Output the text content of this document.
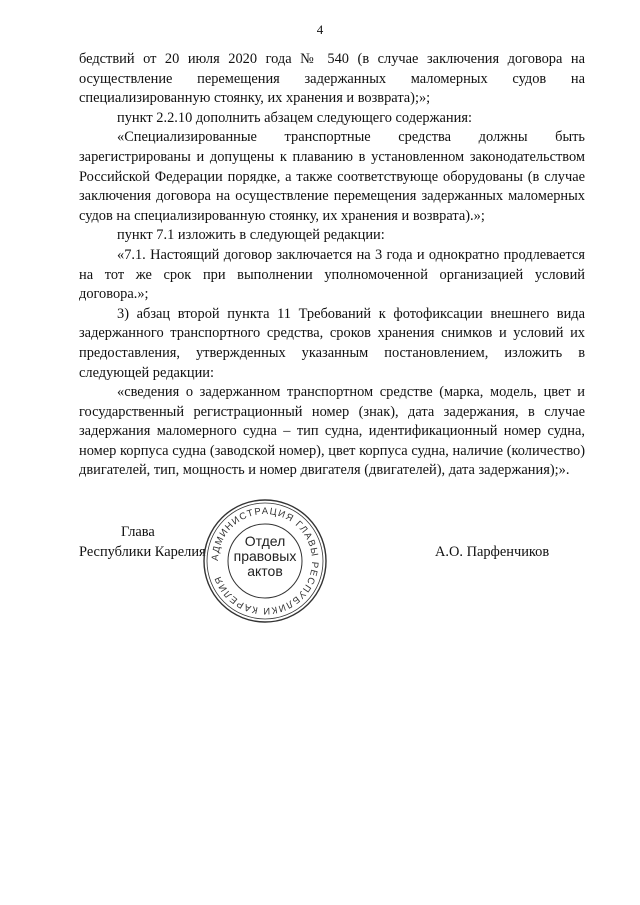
4

бедствий от 20 июля 2020 года № 540 (в случае заключения договора на осуществление перемещения задержанных маломерных судов на специализированную стоянку, их хранения и возврата);»;

пункт 2.2.10 дополнить абзацем следующего содержания:

«Специализированные транспортные средства должны быть зарегистрированы и допущены к плаванию в установленном законодательством Российской Федерации порядке, а также соответствующе оборудованы (в случае заключения договора на осуществление перемещения задержанных маломерных судов на специализированную стоянку, их хранения и возврата).»;

пункт 7.1 изложить в следующей редакции:

«7.1. Настоящий договор заключается на 3 года и однократно продлевается на тот же срок при выполнении уполномоченной организацией условий договора.»;

3) абзац второй пункта 11 Требований к фотофиксации внешнего вида задержанного транспортного средства, сроков хранения снимков и условий их предоставления, утвержденных указанным постановлением, изложить в следующей редакции:

«сведения о задержанном транспортном средстве (марка, модель, цвет и государственный регистрационный номер (знак), дата задержания, в случае задержания маломерного судна – тип судна, идентификационный номер судна, номер корпуса судна (заводской номер), цвет корпуса судна, наличие (количество) двигателей, тип, мощность и номер двигателя (двигателей), дата задержания);».

Глава
Республики Карелия АДМИНИСТРАЦИЯ ГЛАВЫ РЕСПУБЛИКИ КАРЕЛИЯ
Отдел
правовых
актов
А.О. Парфенчиков
